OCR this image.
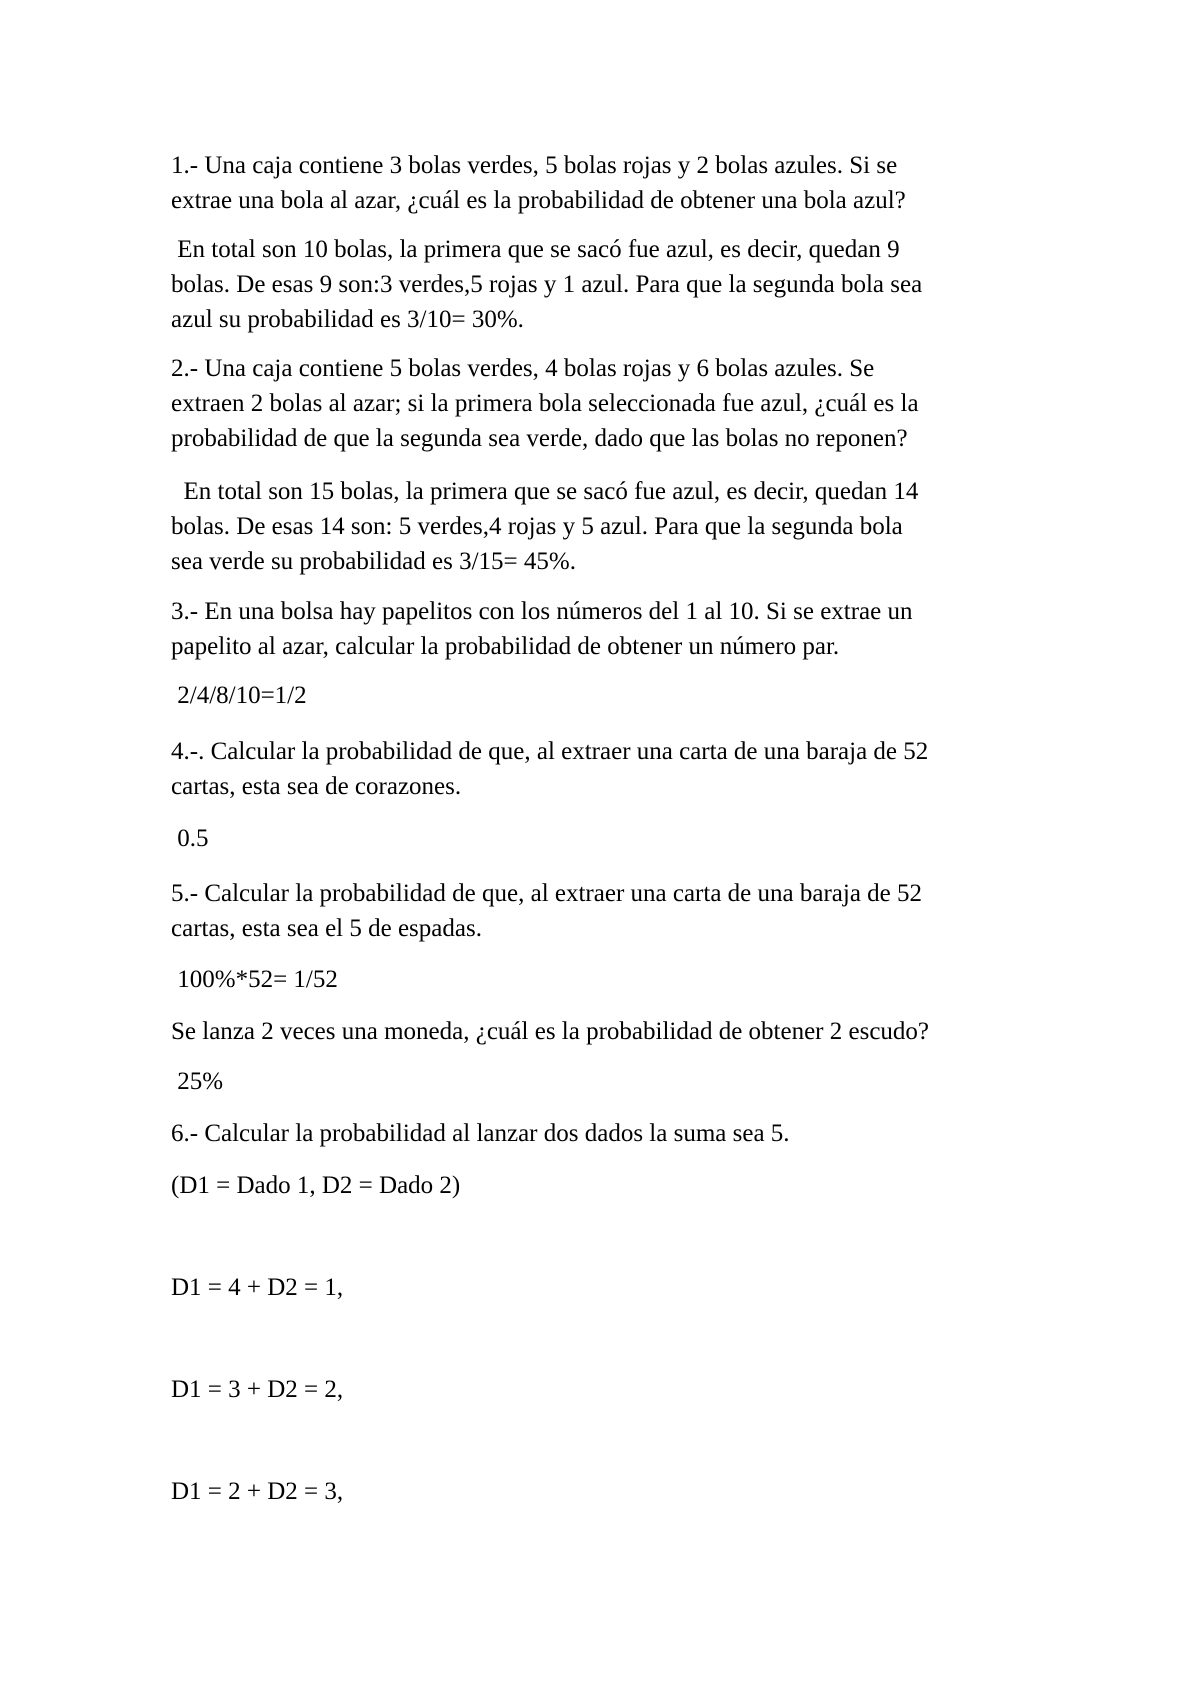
1.- Una caja contiene 3 bolas verdes, 5 bolas rojas y 2 bolas azules. Si se

extrae una bola al azar, ¿cuál es la probabilidad de obtener una bola azul?

En total son 10 bolas, la primera que se sacó fue azul, es decir, quedan 9

bolas. De esas 9 son:3 verdes,5 rojas y 1 azul. Para que la segunda bola sea

azul su probabilidad es 3/10= 30%.

2.- Una caja contiene 5 bolas verdes, 4 bolas rojas y 6 bolas azules. Se

extraen 2 bolas al azar; si la primera bola seleccionada fue azul, ¿cuál es la

probabilidad de que la segunda sea verde, dado que las bolas no reponen?

En total son 15 bolas, la primera que se sacó fue azul, es decir, quedan 14

bolas. De esas 14 son: 5 verdes,4 rojas y 5 azul. Para que la segunda bola

sea verde su probabilidad es 3/15= 45%.

3.- En una bolsa hay papelitos con los números del 1 al 10. Si se extrae un

papelito al azar, calcular la probabilidad de obtener un número par.

2/4/8/10=1/2

4.-. Calcular la probabilidad de que, al extraer una carta de una baraja de 52

cartas, esta sea de corazones.

0.5

5.- Calcular la probabilidad de que, al extraer una carta de una baraja de 52

cartas, esta sea el 5 de espadas.

100%*52= 1/52

Se lanza 2 veces una moneda, ¿cuál es la probabilidad de obtener 2 escudo?

25%

6.- Calcular la probabilidad al lanzar dos dados la suma sea 5.

(D1 = Dado 1, D2 = Dado 2)

D1 = 4 + D2 = 1,

D1 = 3 + D2 = 2,

D1 = 2 + D2 = 3,
